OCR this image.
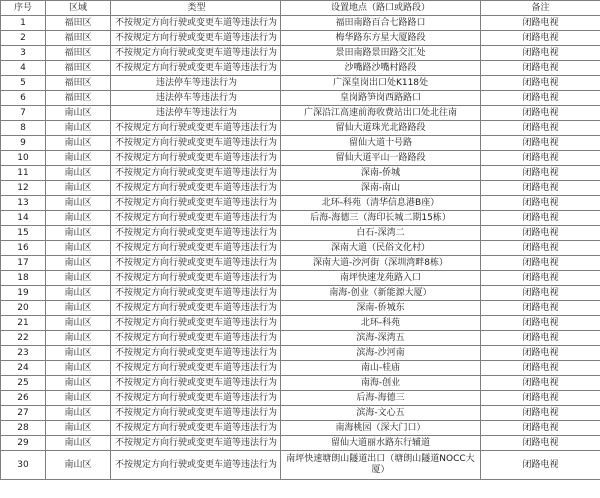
序号	区域	类型	设置地点（路口或路段）	备注
1	福田区	不按规定方向行驶或变更车道等违法行为	福田南路百合七路路口	闭路电视
2	福田区	不按规定方向行驶或变更车道等违法行为	梅华路东方星大厦路段	闭路电视
3	福田区	不按规定方向行驶或变更车道等违法行为	景田南路景田路交汇处	闭路电视
4	福田区	不按规定方向行驶或变更车道等违法行为	沙嘴路沙嘴村路段	闭路电视
5	福田区	违法停车等违法行为	广深皇岗出口处K118处	闭路电视
6	福田区	违法停车等违法行为	皇岗路笋岗西路路口	闭路电视
7	南山区	违法停车等违法行为	广深沿江高速前海收费站出口处北往南	闭路电视
8	南山区	不按规定方向行驶或变更车道等违法行为	留仙大道珠光北路路段	闭路电视
9	南山区	不按规定方向行驶或变更车道等违法行为	留仙大道十号路	闭路电视
10	南山区	不按规定方向行驶或变更车道等违法行为	留仙大道平山一路路段	闭路电视
11	南山区	不按规定方向行驶或变更车道等违法行为	深南-侨城	闭路电视
12	南山区	不按规定方向行驶或变更车道等违法行为	深南-南山	闭路电视
13	南山区	不按规定方向行驶或变更车道等违法行为	北环-科苑（清华信息港B座）	闭路电视
14	南山区	不按规定方向行驶或变更车道等违法行为	后海-海德三（海印长城二期15栋）	闭路电视
15	南山区	不按规定方向行驶或变更车道等违法行为	白石-深湾二	闭路电视
16	南山区	不按规定方向行驶或变更车道等违法行为	深南大道（民俗文化村）	闭路电视
17	南山区	不按规定方向行驶或变更车道等违法行为	深南大道-沙河街（深圳湾畔8栋）	闭路电视
18	南山区	不按规定方向行驶或变更车道等违法行为	南坪快速龙苑路入口	闭路电视
19	南山区	不按规定方向行驶或变更车道等违法行为	南海-创业（新能源大厦）	闭路电视
20	南山区	不按规定方向行驶或变更车道等违法行为	深南-侨城东	闭路电视
21	南山区	不按规定方向行驶或变更车道等违法行为	北环-科苑	闭路电视
22	南山区	不按规定方向行驶或变更车道等违法行为	滨海-深湾五	闭路电视
23	南山区	不按规定方向行驶或变更车道等违法行为	滨海-沙河南	闭路电视
24	南山区	不按规定方向行驶或变更车道等违法行为	南山-桂庙	闭路电视
25	南山区	不按规定方向行驶或变更车道等违法行为	南海-创业	闭路电视
26	南山区	不按规定方向行驶或变更车道等违法行为	后海-海德三	闭路电视
27	南山区	不按规定方向行驶或变更车道等违法行为	滨海-文心五	闭路电视
28	南山区	不按规定方向行驶或变更车道等违法行为	南海桃园（深大门口）	闭路电视
29	南山区	不按规定方向行驶或变更车道等违法行为	留仙大道丽水路东行辅道	闭路电视
30	南山区	不按规定方向行驶或变更车道等违法行为	南坪快速塘朗山隧道出口（塘朗山隧道NOCC大厦）	闭路电视
